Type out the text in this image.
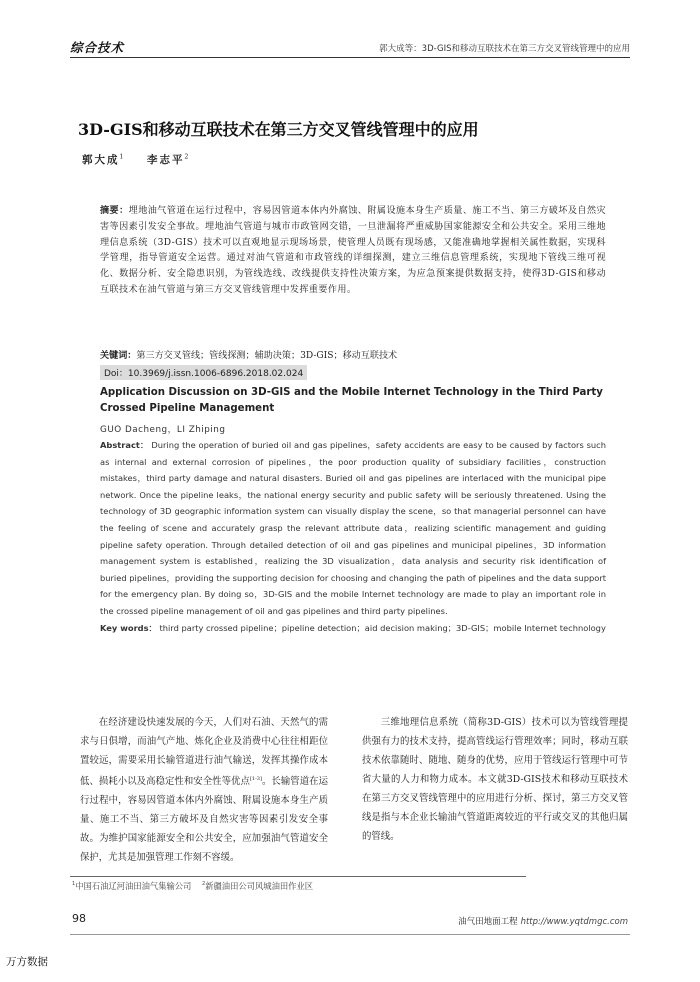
综合技术	郭大成等：3D-GIS和移动互联技术在第三方交叉管线管理中的应用
3D-GIS和移动互联技术在第三方交叉管线管理中的应用
郭大成$^1$ 李志平$^2$
摘要：埋地油气管道在运行过程中，容易因管道本体内外腐蚀、附属设施本身生产质量、施工不当、第三方破坏及自然灾害等因素引发安全事故。埋地油气管道与城市市政管网交错，一旦泄漏将严重威胁国家能源安全和公共安全。采用三维地理信息系统（3D-GIS）技术可以直观地显示现场场景，使管理人员既有现场感，又能准确地掌握相关属性数据，实现科学管理，指导管道安全运营。通过对油气管道和市政管线的详细探测，建立三维信息管理系统，实现地下管线三维可视化、数据分析、安全隐患识别，为管线选线、改线提供支持性决策方案，为应急预案提供数据支持，使得3D-GIS和移动互联技术在油气管道与第三方交叉管线管理中发挥重要作用。
关键词：第三方交叉管线；管线探测；辅助决策；3D-GIS；移动互联技术
Doi：10.3969/j.issn.1006-6896.2018.02.024
Application Discussion on 3D-GIS and the Mobile Internet Technology in the Third Party Crossed Pipeline Management
GUO Dacheng，LI Zhiping
Abstract： During the operation of buried oil and gas pipelines，safety accidents are easy to be caused by factors such as internal and external corrosion of pipelines，the poor production quality of subsidiary facilities，construction mistakes，third party damage and natural disasters. Buried oil and gas pipelines are interlaced with the municipal pipe network. Once the pipeline leaks，the national energy security and public safety will be seriously threatened. Using the technology of 3D geographic information system can visually display the scene，so that managerial personnel can have the feeling of scene and accurately grasp the relevant attribute data，realizing scientific management and guiding pipeline safety operation. Through detailed detection of oil and gas pipelines and municipal pipelines，3D information management system is established，realizing the 3D visualization，data analysis and security risk identification of buried pipelines，providing the supporting decision for choosing and changing the path of pipelines and the data support for the emergency plan. By doing so，3D-GIS and the mobile Internet technology are made to play an important role in the crossed pipeline management of oil and gas pipelines and third party pipelines.
Key words： third party crossed pipeline；pipeline detection；aid decision making；3D-GIS；mobile Internet technology

在经济建设快速发展的今天，人们对石油、天然气的需求与日俱增，而油气产地、炼化企业及消费中心往往相距位置较远，需要采用长输管道进行油气输送，发挥其操作成本低、损耗小以及高稳定性和安全性等优点[1-3]。长输管道在运行过程中，容易因管道本体内外腐蚀、附属设施本身生产质量、施工不当、第三方破坏及自然灾害等因素引发安全事故。为维护国家能源安全和公共安全，应加强油气管道安全保护，尤其是加强管理工作刻不容缓。

三维地理信息系统（简称3D-GIS）技术可以为管线管理提供强有力的技术支持，提高管线运行管理效率；同时，移动互联技术依靠随时、随地、随身的优势，应用于管线运行管理中可节省大量的人力和物力成本。本文就3D-GIS技术和移动互联技术在第三方交叉管线管理中的应用进行分析、探讨，第三方交叉管线是指与本企业长输油气管道距离较近的平行或交叉的其他归属的管线。

$^1$中国石油辽河油田油气集输公司 $^2$新疆油田公司风城油田作业区
98	油气田地面工程 http://www.yqtdmgc.com
万方数据
